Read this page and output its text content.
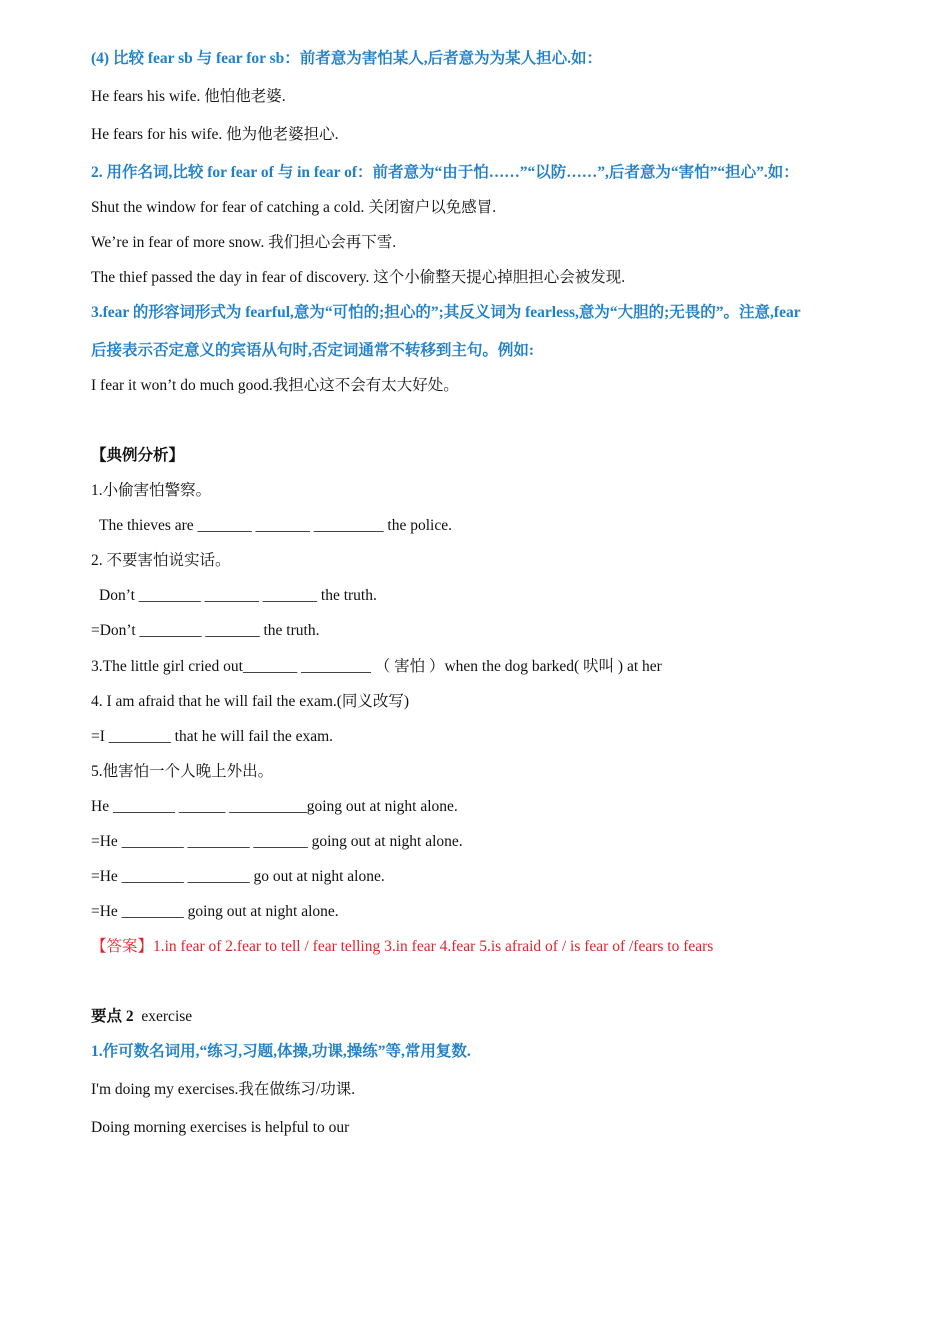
(4) 比较 fear sb 与 fear for sb：前者意为害怕某人,后者意为为某人担心.如：
He fears his wife. 他怕他老婆.
He fears for his wife. 他为他老婆担心.
2. 用作名词,比较 for fear of 与 in fear of：前者意为“由于怕……”“以防……”,后者意为“害怕”“担心”.如：
Shut the window for fear of catching a cold. 关闭窗户以免感冒.
We’re in fear of more snow. 我们担心会再下雪.
The thief passed the day in fear of discovery. 这个小偷整天提心掉胆担心会被发现.
3.fear 的形容词形式为 fearful,意为“可怕的;担心的”;其反义词为 fearless,意为“大胆的;无畏的”。注意,fear
后接表示否定意义的宾语从句时,否定词通常不转移到主句。例如:
I fear it won’t do much good.我担心这不会有太大好处。
【典例分析】
1.小偷害怕警察。
The thieves are _______ _______ _________ the police.
2. 不要害怕说实话。
Don’t ________ _______ _______ the truth.
=Don’t ________ _______ the truth.
3.The little girl cried out_______ _________ （ 害怕 ）when the dog barked( 吠叫 ) at her
4. I am afraid that he will fail the exam.(同义改写)
=I ________ that he will fail the exam.
5.他害怕一个人晚上外出。
He ________ ______ __________going out at night alone.
=He ________ ________ _______ going out at night alone.
=He ________ ________ go out at night alone.
=He ________ going out at night alone.
【答案】1.in fear of 2.fear to tell / fear telling 3.in fear 4.fear 5.is afraid of / is fear of /fears to fears
要点 2 exercise
1.作可数名词用,“练习,习题,体操,功课,操练”等,常用复数.
I'm doing my exercises.我在做练习/功课.
Doing morning exercises is helpful to our
